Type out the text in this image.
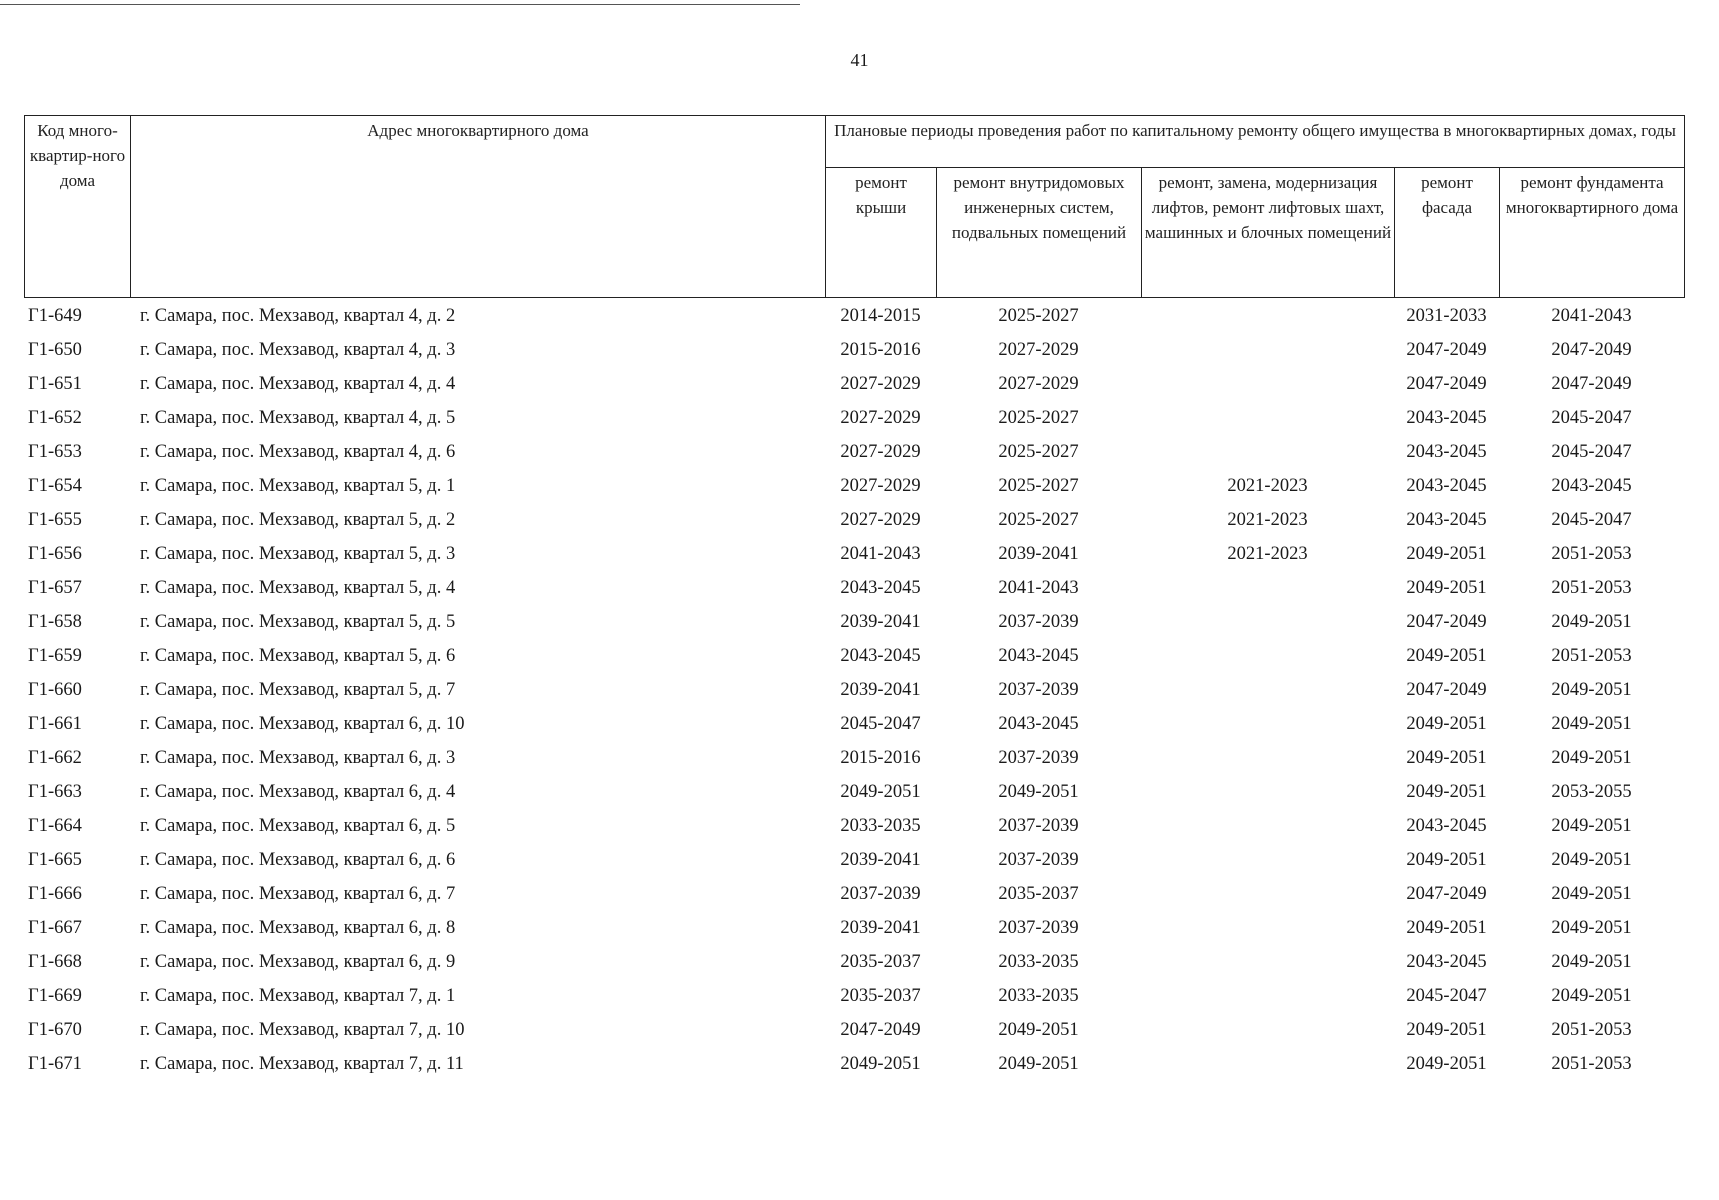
41
Код много-квартир-ного дома	Адрес многоквартирного дома	Плановые периоды проведения работ по капитальному ремонту общего имущества в многоквартирных домах, годы				
		ремонт крыши	ремонт внутридомовых инженерных систем, подвальных помещений	ремонт, замена, модернизация лифтов, ремонт лифтовых шахт, машинных и блочных помещений	ремонт фасада	ремонт фундамента многоквартирного дома
Г1-649	г. Самара, пос. Мехзавод, квартал 4, д. 2	2014-2015	2025-2027		2031-2033	2041-2043
Г1-650	г. Самара, пос. Мехзавод, квартал 4, д. 3	2015-2016	2027-2029		2047-2049	2047-2049
Г1-651	г. Самара, пос. Мехзавод, квартал 4, д. 4	2027-2029	2027-2029		2047-2049	2047-2049
Г1-652	г. Самара, пос. Мехзавод, квартал 4, д. 5	2027-2029	2025-2027		2043-2045	2045-2047
Г1-653	г. Самара, пос. Мехзавод, квартал 4, д. 6	2027-2029	2025-2027		2043-2045	2045-2047
Г1-654	г. Самара, пос. Мехзавод, квартал 5, д. 1	2027-2029	2025-2027	2021-2023	2043-2045	2043-2045
Г1-655	г. Самара, пос. Мехзавод, квартал 5, д. 2	2027-2029	2025-2027	2021-2023	2043-2045	2045-2047
Г1-656	г. Самара, пос. Мехзавод, квартал 5, д. 3	2041-2043	2039-2041	2021-2023	2049-2051	2051-2053
Г1-657	г. Самара, пос. Мехзавод, квартал 5, д. 4	2043-2045	2041-2043		2049-2051	2051-2053
Г1-658	г. Самара, пос. Мехзавод, квартал 5, д. 5	2039-2041	2037-2039		2047-2049	2049-2051
Г1-659	г. Самара, пос. Мехзавод, квартал 5, д. 6	2043-2045	2043-2045		2049-2051	2051-2053
Г1-660	г. Самара, пос. Мехзавод, квартал 5, д. 7	2039-2041	2037-2039		2047-2049	2049-2051
Г1-661	г. Самара, пос. Мехзавод, квартал 6, д. 10	2045-2047	2043-2045		2049-2051	2049-2051
Г1-662	г. Самара, пос. Мехзавод, квартал 6, д. 3	2015-2016	2037-2039		2049-2051	2049-2051
Г1-663	г. Самара, пос. Мехзавод, квартал 6, д. 4	2049-2051	2049-2051		2049-2051	2053-2055
Г1-664	г. Самара, пос. Мехзавод, квартал 6, д. 5	2033-2035	2037-2039		2043-2045	2049-2051
Г1-665	г. Самара, пос. Мехзавод, квартал 6, д. 6	2039-2041	2037-2039		2049-2051	2049-2051
Г1-666	г. Самара, пос. Мехзавод, квартал 6, д. 7	2037-2039	2035-2037		2047-2049	2049-2051
Г1-667	г. Самара, пос. Мехзавод, квартал 6, д. 8	2039-2041	2037-2039		2049-2051	2049-2051
Г1-668	г. Самара, пос. Мехзавод, квартал 6, д. 9	2035-2037	2033-2035		2043-2045	2049-2051
Г1-669	г. Самара, пос. Мехзавод, квартал 7, д. 1	2035-2037	2033-2035		2045-2047	2049-2051
Г1-670	г. Самара, пос. Мехзавод, квартал 7, д. 10	2047-2049	2049-2051		2049-2051	2051-2053
Г1-671	г. Самара, пос. Мехзавод, квартал 7, д. 11	2049-2051	2049-2051		2049-2051	2051-2053
